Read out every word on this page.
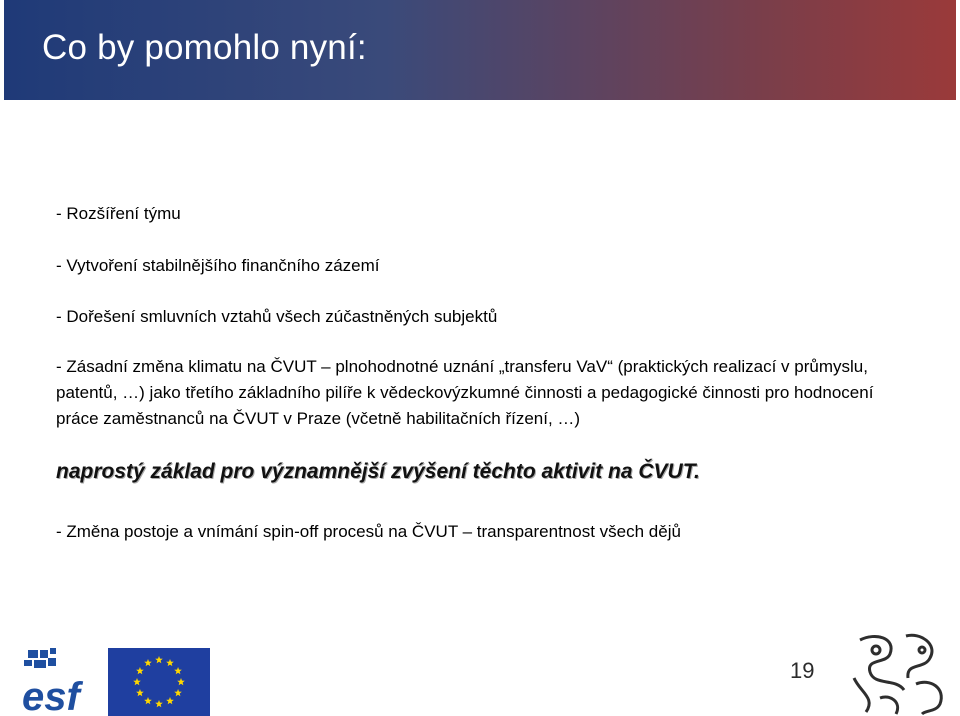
Co by pomohlo nyní:
- Rozšíření týmu
- Vytvoření stabilnějšího finančního zázemí
- Dořešení smluvních vztahů všech zúčastněných subjektů
- Zásadní změna klimatu na ČVUT – plnohodnotné uznání „transferu VaV“ (praktických realizací v průmyslu, patentů, …) jako třetího základního pilíře k vědeckovýzkumné činnosti a pedagogické činnosti pro hodnocení práce zaměstnanců na ČVUT v Praze (včetně habilitačních řízení, …)
naprostý základ pro významnější zvýšení těchto aktivit na ČVUT.
- Změna postoje a vnímání spin-off procesů na ČVUT – transparentnost všech dějů
esf
19
